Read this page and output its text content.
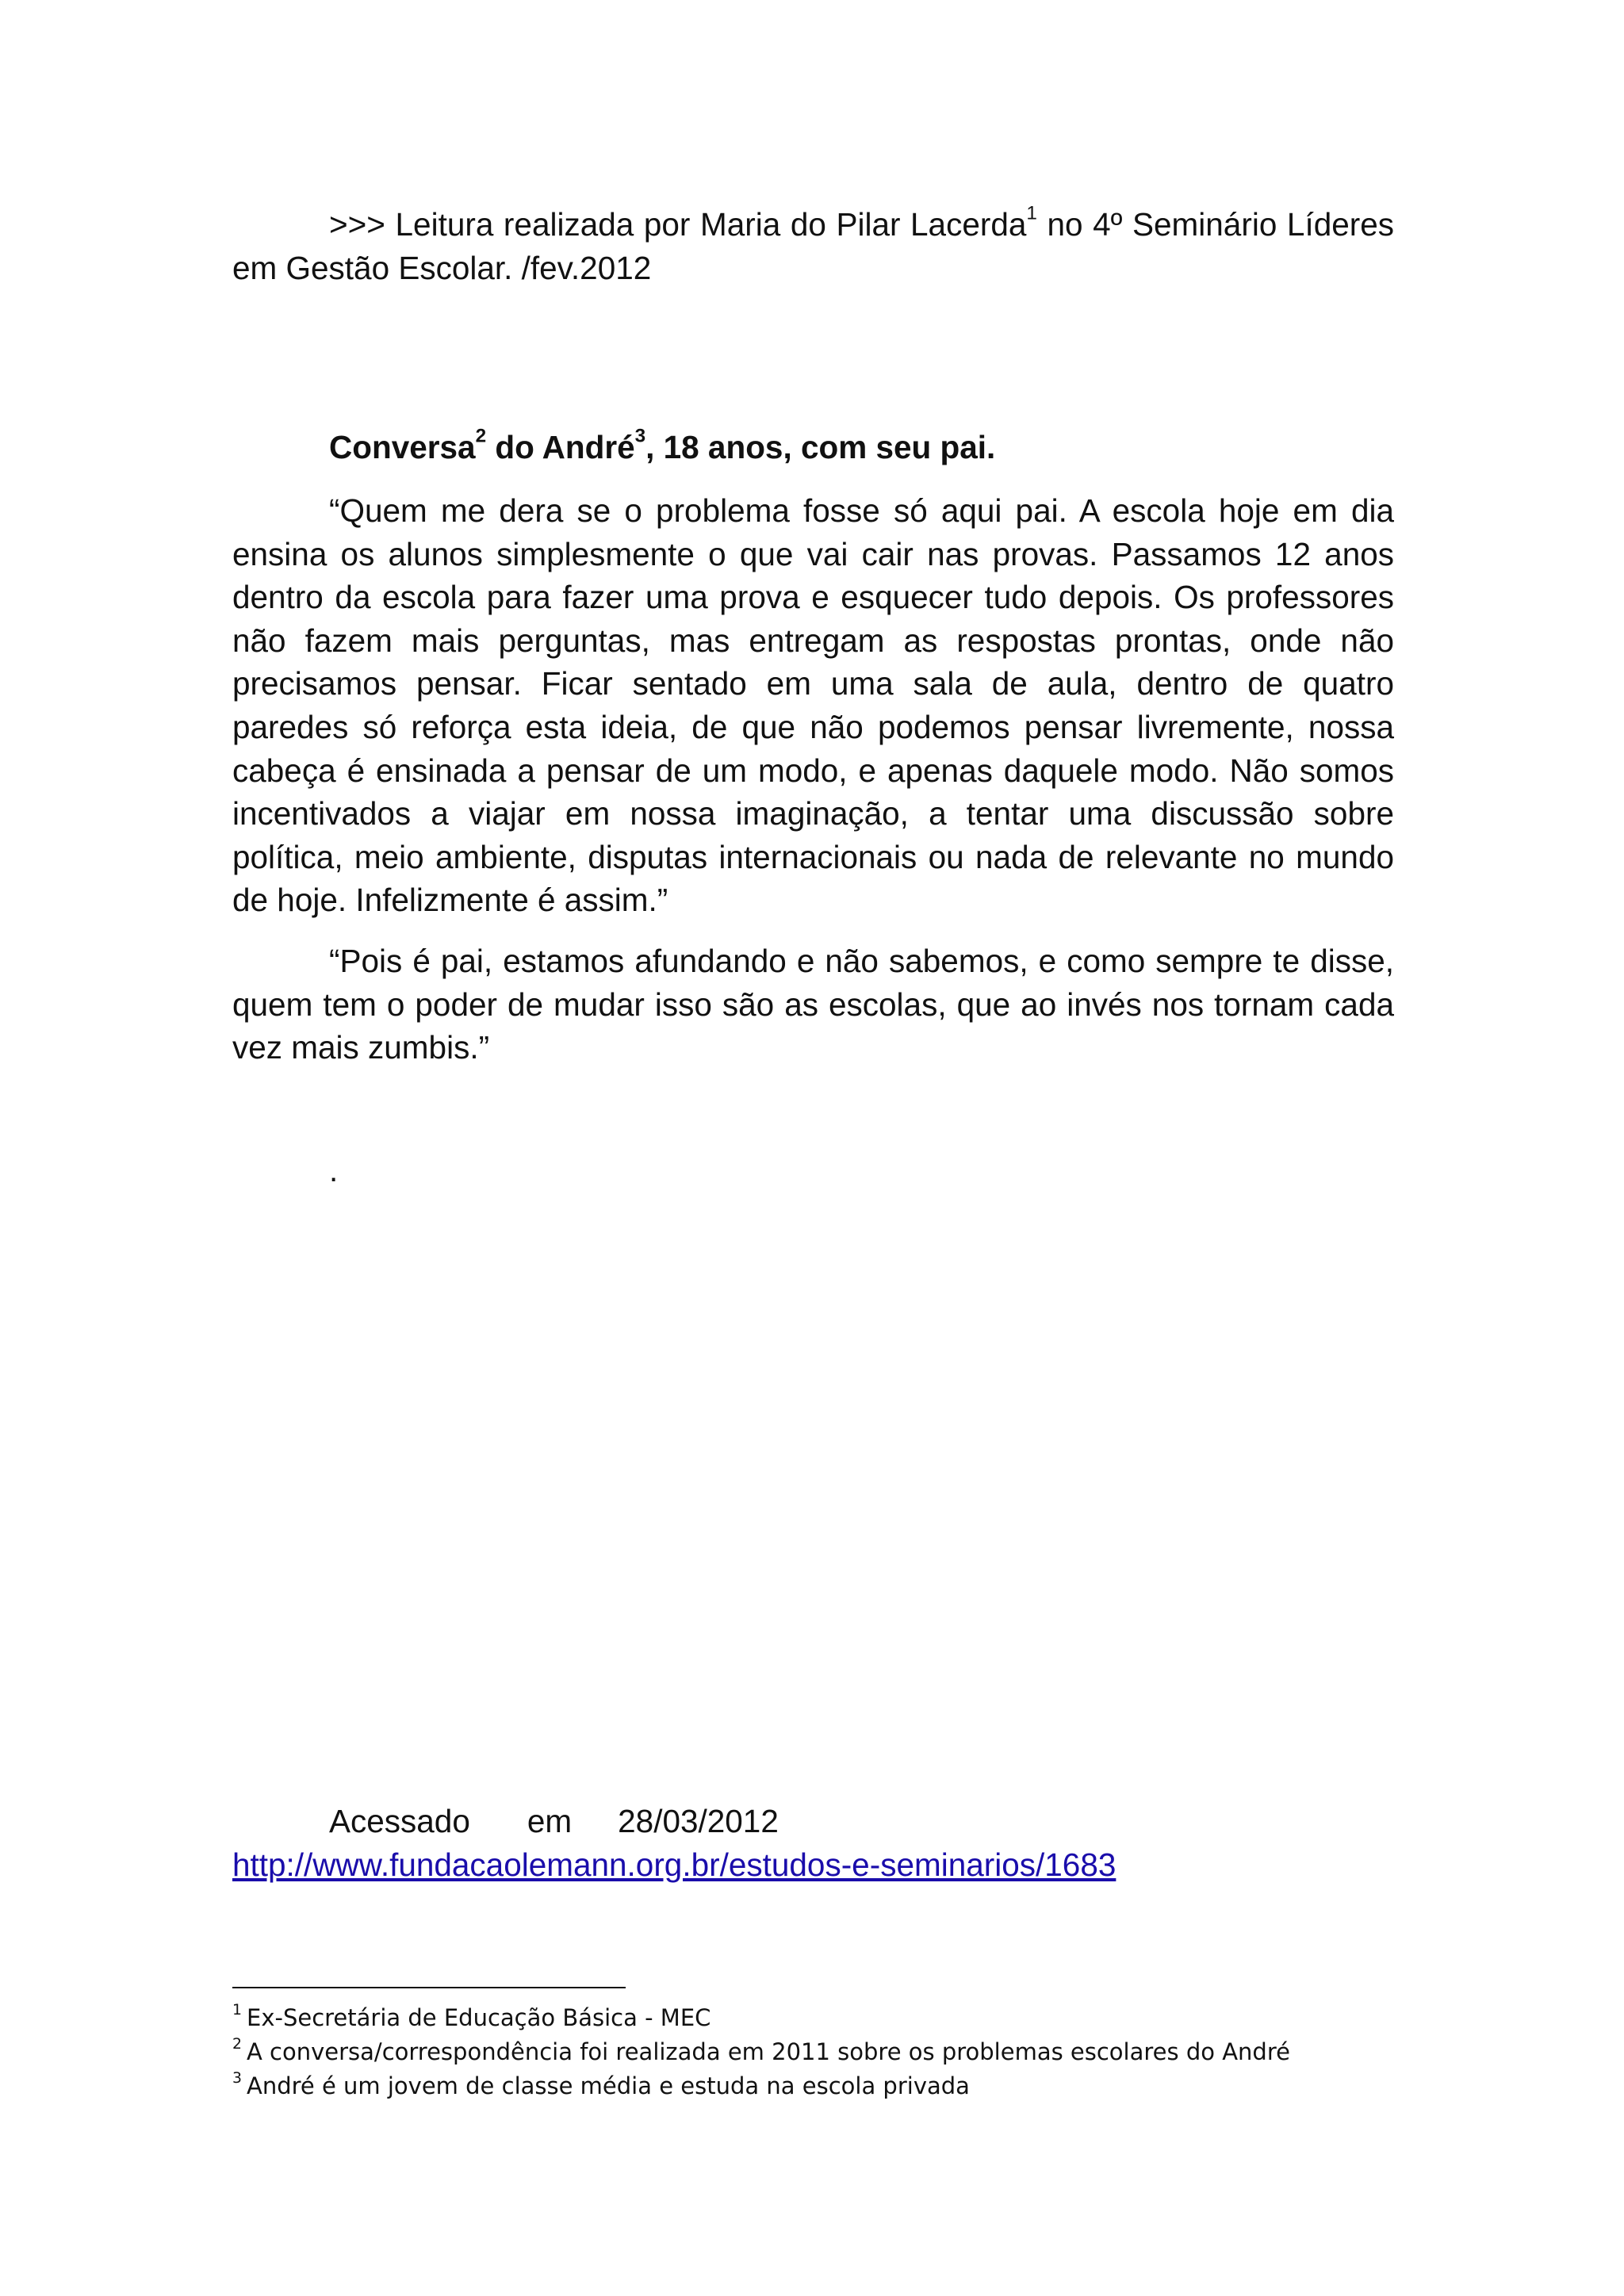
>>> Leitura realizada por Maria do Pilar Lacerda$^1$ no 4º Seminário Líderes em Gestão Escolar. /fev.2012

Conversa$^2$ do André$^3$, 18 anos, com seu pai.

“Quem me dera se o problema fosse só aqui pai. A escola hoje em dia ensina os alunos simplesmente o que vai cair nas provas. Passamos 12 anos dentro da escola para fazer uma prova e esquecer tudo depois. Os professores não fazem mais perguntas, mas entregam as respostas prontas, onde não precisamos pensar. Ficar sentado em uma sala de aula, dentro de quatro paredes só reforça esta ideia, de que não podemos pensar livremente, nossa cabeça é ensinada a pensar de um modo, e apenas daquele modo. Não somos incentivados a viajar em nossa imaginação, a tentar uma discussão sobre política, meio ambiente, disputas internacionais ou nada de relevante no mundo de hoje. Infelizmente é assim.”

“Pois é pai, estamos afundando e não sabemos, e como sempre te disse, quem tem o poder de mudar isso são as escolas, que ao invés nos tornam cada vez mais zumbis.”

.

Acessado em 28/03/2012http://www.fundacaolemann.org.br/estudos-e-seminarios/1683

$^1$ Ex-Secretária de Educação Básica - MEC

$^2$ A conversa/correspondência foi realizada em 2011 sobre os problemas escolares do André

$^3$ André é um jovem de classe média e estuda na escola privada
